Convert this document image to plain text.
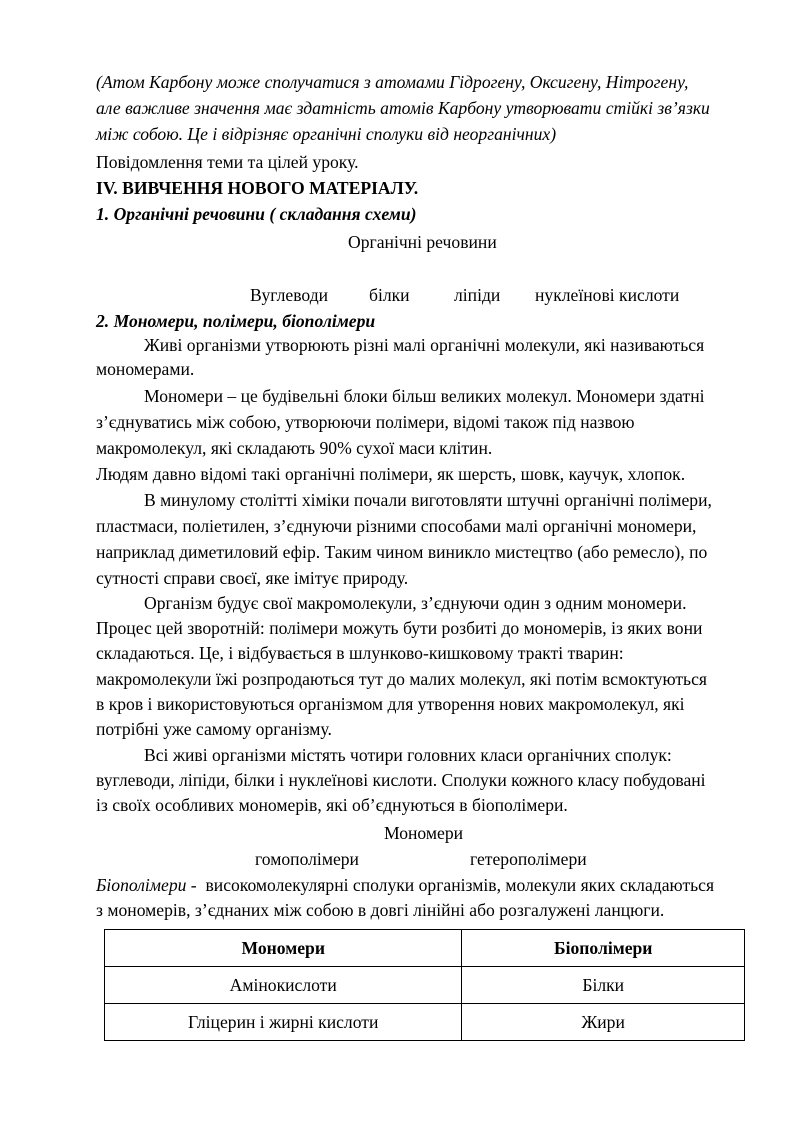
(Атом Карбону може сполучатися з атомами Гідрогену, Оксигену, Нітрогену,
але важливе значення має здатність атомів Карбону утворювати стійкі зв’язки
між собою. Це і відрізняє органічні сполуки від неорганічних)
Повідомлення теми та цілей уроку.
IV. ВИВЧЕННЯ НОВОГО МАТЕРІАЛУ.
1. Органічні речовини ( складання схеми)
Органічні речовини
Вуглеводи білки	ліпіди нуклеїнові кислоти
2. Мономери, полімери, біополімери
Живі організми утворюють різні малі органічні молекули, які називаються
мономерами.
Мономери – це будівельні блоки більш великих молекул. Мономери здатні
з’єднуватись між собою, утворюючи полімери, відомі також під назвою
макромолекул, які складають 90% сухої маси клітин.
Людям давно відомі такі органічні полімери, як шерсть, шовк, каучук, хлопок.
В минулому столітті хіміки почали виготовляти штучні органічні полімери,
пластмаси, поліетилен, з’єднуючи різними способами малі органічні мономери,
наприклад диметиловий ефір. Таким чином виникло мистецтво (або ремесло), по
сутності справи своєї, яке імітує природу.
Організм будує свої макромолекули, з’єднуючи один з одним мономери.
Процес цей зворотній: полімери можуть бути розбиті до мономерів, із яких вони
складаються. Це, і відбувається в шлунково-кишковому тракті тварин:
макромолекули їжі розпродаються тут до малих молекул, які потім всмоктуються
в кров і використовуються організмом для утворення нових макромолекул, які
потрібні уже самому організму.
Всі живі організми містять чотири головних класи органічних сполук:
вуглеводи, ліпіди, білки і нуклеїнові кислоти. Сполуки кожного класу побудовані
із своїх особливих мономерів, які об’єднуються в біополімери.
Мономери
гомополімери	гетерополімери
Біополімери - високомолекулярні сполуки організмів, молекули яких складаються
з мономерів, з’єднаних між собою в довгі лінійні або розгалужені ланцюги.
Мономери	Біополімери
Амінокислоти	Білки
Гліцерин і жирні кислоти	Жири
